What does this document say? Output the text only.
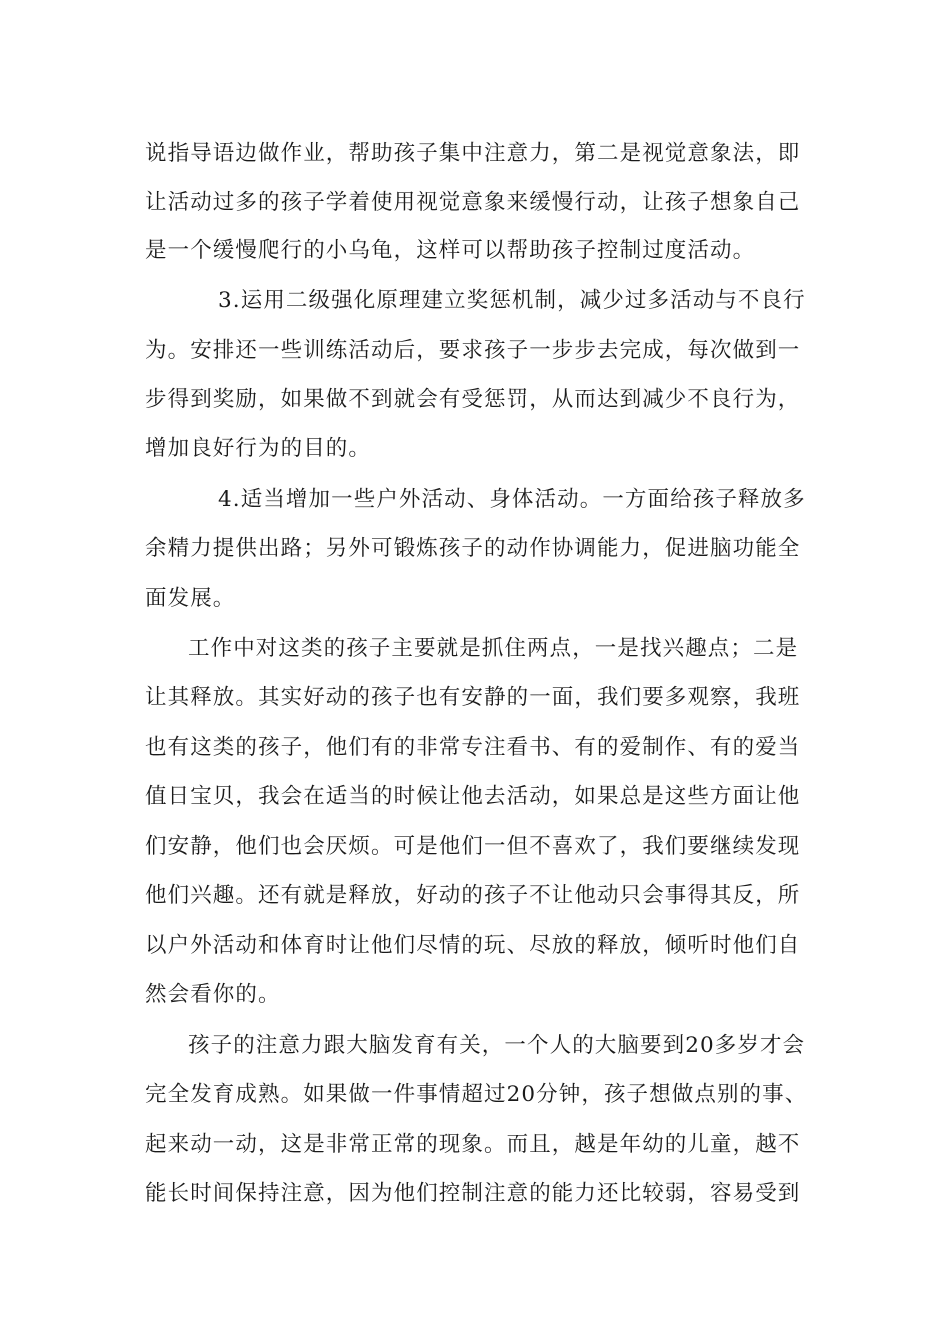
说指导语边做作业，帮助孩子集中注意力，第二是视觉意象法，即
让活动过多的孩子学着使用视觉意象来缓慢行动，让孩子想象自己
是一个缓慢爬行的小乌龟，这样可以帮助孩子控制过度活动。
3.运用二级强化原理建立奖惩机制，减少过多活动与不良行
为。安排还一些训练活动后，要求孩子一步步去完成，每次做到一
步得到奖励，如果做不到就会有受惩罚，从而达到减少不良行为，
增加良好行为的目的。
4.适当增加一些户外活动、身体活动。一方面给孩子释放多
余精力提供出路；另外可锻炼孩子的动作协调能力，促进脑功能全
面发展。
工作中对这类的孩子主要就是抓住两点，一是找兴趣点；二是
让其释放。其实好动的孩子也有安静的一面，我们要多观察，我班
也有这类的孩子，他们有的非常专注看书、有的爱制作、有的爱当
值日宝贝，我会在适当的时候让他去活动，如果总是这些方面让他
们安静，他们也会厌烦。可是他们一但不喜欢了，我们要继续发现
他们兴趣。还有就是释放，好动的孩子不让他动只会事得其反，所
以户外活动和体育时让他们尽情的玩、尽放的释放，倾听时他们自
然会看你的。
孩子的注意力跟大脑发育有关，一个人的大脑要到20多岁才会
完全发育成熟。如果做一件事情超过20分钟，孩子想做点别的事、
起来动一动，这是非常正常的现象。而且，越是年幼的儿童，越不
能长时间保持注意，因为他们控制注意的能力还比较弱，容易受到
